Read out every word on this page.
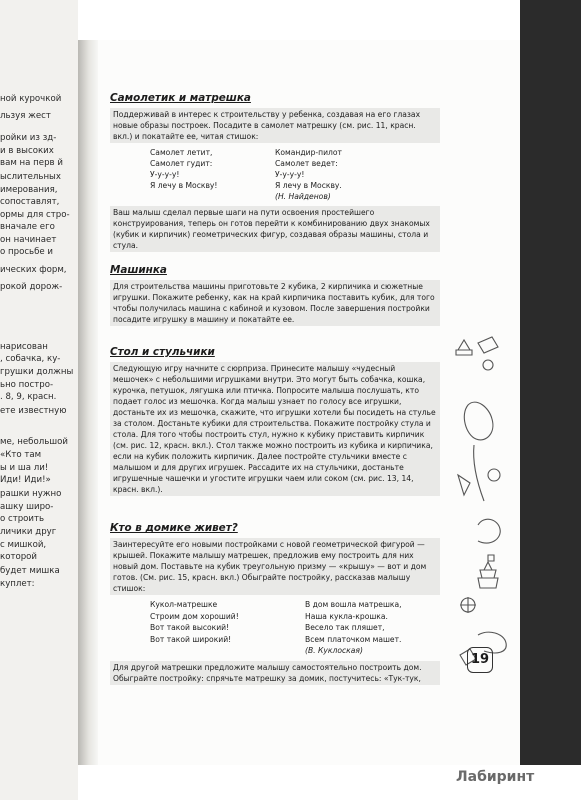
ной курочкой
льзуя жест
ройки из зд-
и в высоких
вам на перв й
ыслительных
имерования,
сопоставлят,
ормы для стро-
вначале его
он начинает
о просьбе и
ических форм,
рокой дорож-
нарисован
, собачка, ку-
грушки должны
ьно постро-
. 8, 9, красн.
ете известную
ме, небольшой
«Кто там
ы и ша ли!
Иди! Иди!»
рашки нужно
ашку широ-
о строить
личики друг
с мишкой,
которой
будет мишка
куплет:
Самолетик и матрешка
Поддерживай в интерес к строительству у ребенка, создавая на его глазах новые образы построек. Посадите в самолет матрешку (см. рис. 11, красн. вкл.) и покатайте ее, читая стишок:
Самолет летит,	Командир-пилот
Самолет гудит:	Самолет ведет:
У-у-у-у!	У-у-у-у!
Я лечу в Москву!	Я лечу в Москву.
(Н. Найденов)
Ваш малыш сделал первые шаги на пути освоения простейшего конструирования, теперь он готов перейти к комбинированию двух знакомых (кубик и кирпичик) геометрических фигур, создавая образы машины, стола и стула.
Машинка
Для строительства машины приготовьте 2 кубика, 2 кирпичика и сюжетные игрушки. Покажите ребенку, как на край кирпичика поставить кубик, для того чтобы получилась машина с кабиной и кузовом. После завершения постройки посадите игрушку в машину и покатайте ее.
Стол и стульчики
Следующую игру начните с сюрприза. Принесите малышу «чудесный мешочек» с небольшими игрушками внутри. Это могут быть собачка, кошка, курочка, петушок, лягушка или птичка. Попросите малыша послушать, кто подает голос из мешочка. Когда малыш узнает по голосу все игрушки, достаньте их из мешочка, скажите, что игрушки хотели бы посидеть на стулье за столом. Достаньте кубики для строительства. Покажите постройку стула и стола. Для того чтобы построить стул, нужно к кубику приставить кирпичик (см. рис. 12, красн. вкл.). Стол также можно построить из кубика и кирпичика, если на кубик положить кирпичик. Далее постройте стульчики вместе с малышом и для других игрушек. Рассадите их на стульчики, достаньте игрушечные чашечки и угостите игрушки чаем или соком (см. рис. 13, 14, красн. вкл.).
Кто в домике живет?
Заинтересуйте его новыми постройками с новой геометрической фигурой — крышей. Покажите малышу матрешек, предложив ему построить для них новый дом. Поставьте на кубик треугольную призму — «крышу» — вот и дом готов. (См. рис. 15, красн. вкл.) Обыграйте постройку, рассказав малышу стишок:
Кукол-матрешке	В дом вошла матрешка,
Строим дом хороший!	Наша кукла-крошка.
Вот такой высокий!	Весело так пляшет,
Вот такой широкий!	Всем платочком машет.
(В. Куклоская)
Для другой матрешки предложите малышу самостоятельно построить дом. Обыграйте постройку: спрячьте матрешку за домик, постучитесь: «Тук-тук,
19
Лабиринт
